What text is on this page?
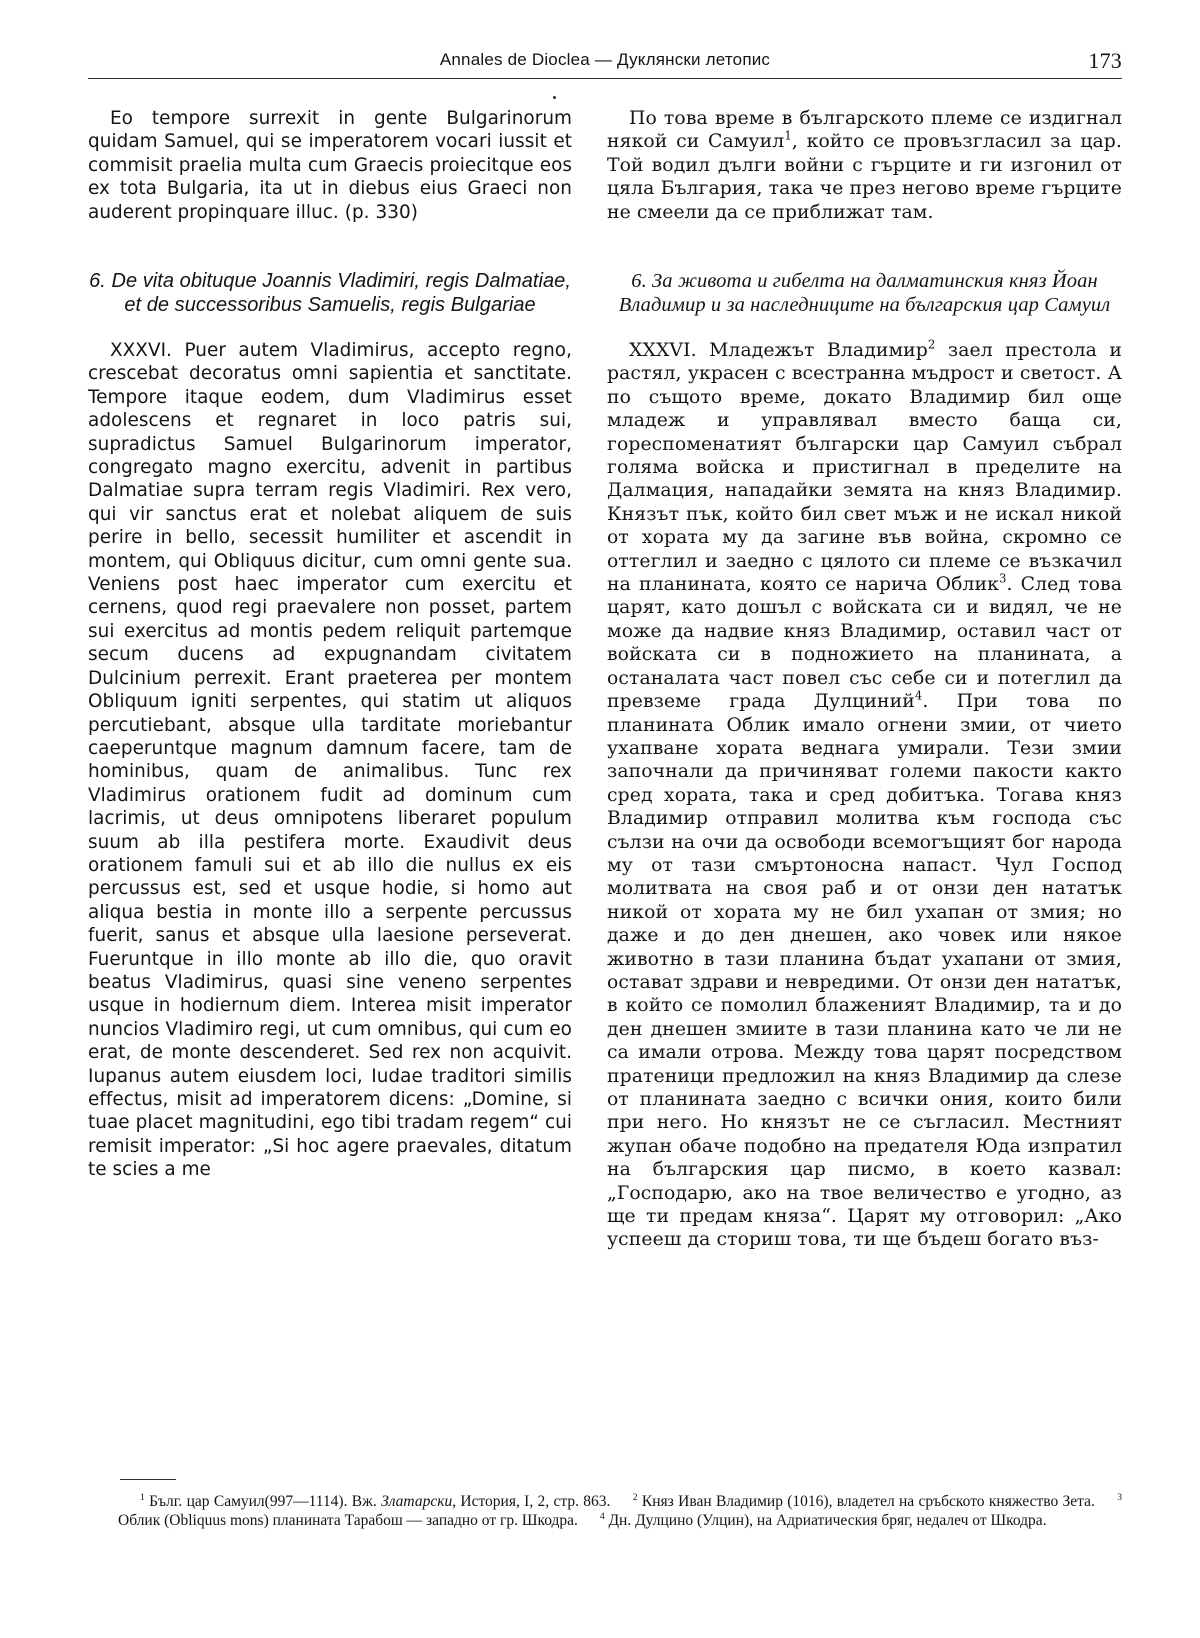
Annales de Dioclea — Дуклянски летопис	173

Eo tempore surrexit in gente Bulgarinorum quidam Samuel, qui se imperatorem vocari iussit et commisit praelia multa cum Graecis proiecitque eos ex tota Bulgaria, ita ut in diebus eius Graeci non auderent propinquare illuc. (p. 330)

6. De vita obituque Joannis Vladimiri, regis Dalmatiae, et de successoribus Samuelis, regis Bulgariae

XXXVI. Puer autem Vladimirus, accepto regno, crescebat decoratus omni sapientia et sanctitate. Tempore itaque eodem, dum Vladimirus esset adolescens et regnaret in loco patris sui, supradictus Samuel Bulgarinorum imperator, congregato magno exercitu, advenit in partibus Dalmatiae supra terram regis Vladimiri. Rex vero, qui vir sanctus erat et nolebat aliquem de suis perire in bello, secessit humiliter et ascendit in montem, qui Obliquus dicitur, cum omni gente sua. Veniens post haec imperator cum exercitu et cernens, quod regi praevalere non posset, partem sui exercitus ad montis pedem reliquit partemque secum ducens ad expugnandam civitatem Dulcinium perrexit. Erant praeterea per montem Obliquum igniti serpentes, qui statim ut aliquos percutiebant, absque ulla tarditate moriebantur caeperuntque magnum damnum facere, tam de hominibus, quam de animalibus. Tunc rex Vladimirus orationem fudit ad dominum cum lacrimis, ut deus omnipotens liberaret populum suum ab illa pestifera morte. Exaudivit deus orationem famuli sui et ab illo die nullus ex eis percussus est, sed et usque hodie, si homo aut aliqua bestia in monte illo a serpente percussus fuerit, sanus et absque ulla laesione perseverat. Fueruntque in illo monte ab illo die, quo oravit beatus Vladimirus, quasi sine veneno serpentes usque in hodiernum diem. Interea misit imperator nuncios Vladimiro regi, ut cum omnibus, qui cum eo erat, de monte descenderet. Sed rex non acquivit. Iupanus autem eiusdem loci, Iudae traditori similis effectus, misit ad imperatorem dicens: „Domine, si tuae placet magnitudini, ego tibi tradam regem“ cui remisit imperator: „Si hoc agere praevales, ditatum te scies a me

По това време в българското племе се издигнал някой си Самуил$^1$, който се провъзгласил за цар. Той водил дълги войни с гърците и ги изгонил от цяла България, така че през негово време гърците не смеели да се приближат там.

6. За живота и гибелта на далматинския княз Йоан Владимир и за наследниците на българския цар Самуил

XXXVI. Младежът Владимир$^2$ заел престола и растял, украсен с всестранна мъдрост и светост. А по същото време, докато Владимир бил още младеж и управлявал вместо баща си, гореспоменатият български цар Самуил събрал голяма войска и пристигнал в пределите на Далмация, нападайки земята на княз Владимир. Князът пък, който бил свет мъж и не искал никой от хората му да загине във война, скромно се оттеглил и заедно с цялото си племе се възкачил на планината, която се нарича Облик$^3$. След това царят, като дошъл с войската си и видял, че не може да надвие княз Владимир, оставил част от войската си в подножието на планината, а останалата част повел със себе си и потеглил да превземе града Дулциний$^4$. При това по планината Облик имало огнени змии, от чието ухапване хората веднага умирали. Тези змии започнали да причиняват големи пакости както сред хората, така и сред добитъка. Тогава княз Владимир отправил молитва към господа със сълзи на очи да освободи всемогъщият бог народа му от тази смъртоносна напаст. Чул Господ молитвата на своя раб и от онзи ден нататък никой от хората му не бил ухапан от змия; но даже и до ден днешен, ако човек или някое животно в тази планина бъдат ухапани от змия, остават здрави и невредими. От онзи ден нататък, в който се помолил блаженият Владимир, та и до ден днешен змиите в тази планина като че ли не са имали отрова. Между това царят посредством пратеници предложил на княз Владимир да слезе от планината заедно с всички ония, които били при него. Но князът не се съгласил. Местният жупан обаче подобно на предателя Юда изпратил на българския цар писмо, в което казвал: „Господарю, ако на твое величество е угодно, аз ще ти предам княза“. Царят му отговорил: „Ако успееш да сториш това, ти ще бъдеш богато въз-

$^1$ Бълг. цар Самуил(997—1114). Вж. Златарски, История, I, 2, стр. 863. $^2$ Княз Иван Владимир (1016), владетел на сръбското княжество Зета. $^3$ Облик (Obliquus mons) планината Тарабош — западно от гр. Шкодра. $^4$ Дн. Дулцино (Улцин), на Адриатическия бряг, недалеч от Шкодра.
